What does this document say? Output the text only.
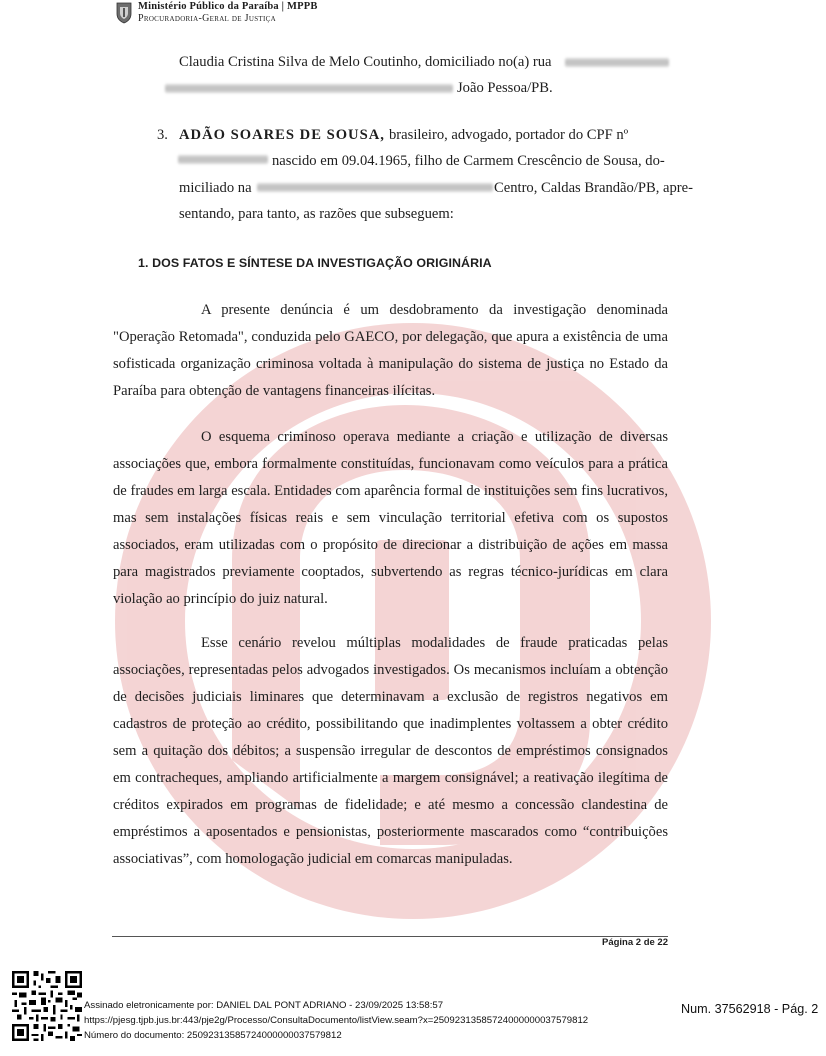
Ministério Público da Paraíba | MPPB
Procuradoria-Geral de Justiça
Claudia Cristina Silva de Melo Coutinho, domiciliado no(a) rua
João Pessoa/PB.
3. ADÃO SOARES DE SOUSA, brasileiro, advogado, portador do CPF nº
nascido em 09.04.1965, filho de Carmem Crescêncio de Sousa, do-
miciliado na	Centro, Caldas Brandão/PB, apre-
sentando, para tanto, as razões que subseguem:
1. DOS FATOS E SÍNTESE DA INVESTIGAÇÃO ORIGINÁRIA
A presente denúncia é um desdobramento da investigação denominada
"Operação Retomada", conduzida pelo GAECO, por delegação, que apura a existência de uma
sofisticada organização criminosa voltada à manipulação do sistema de justiça no Estado da
Paraíba para obtenção de vantagens financeiras ilícitas.
O esquema criminoso operava mediante a criação e utilização de diversas
associações que, embora formalmente constituídas, funcionavam como veículos para a prática
de fraudes em larga escala. Entidades com aparência formal de instituições sem fins lucrativos,
mas sem instalações físicas reais e sem vinculação territorial efetiva com os supostos
associados, eram utilizadas com o propósito de direcionar a distribuição de ações em massa
para magistrados previamente cooptados, subvertendo as regras técnico-jurídicas em clara
violação ao princípio do juiz natural.
Esse cenário revelou múltiplas modalidades de fraude praticadas pelas
associações, representadas pelos advogados investigados. Os mecanismos incluíam a obtenção
de decisões judiciais liminares que determinavam a exclusão de registros negativos em
cadastros de proteção ao crédito, possibilitando que inadimplentes voltassem a obter crédito
sem a quitação dos débitos; a suspensão irregular de descontos de empréstimos consignados
em contracheques, ampliando artificialmente a margem consignável; a reativação ilegítima de
créditos expirados em programas de fidelidade; e até mesmo a concessão clandestina de
empréstimos a aposentados e pensionistas, posteriormente mascarados como “contribuições
associativas”, com homologação judicial em comarcas manipuladas.
Página 2 de 22
Assinado eletronicamente por: DANIEL DAL PONT ADRIANO - 23/09/2025 13:58:57
https://pjesg.tjpb.jus.br:443/pje2g/Processo/ConsultaDocumento/listView.seam?x=25092313585724000000037579812
Número do documento: 25092313585724000000037579812
Num. 37562918 - Pág. 2
